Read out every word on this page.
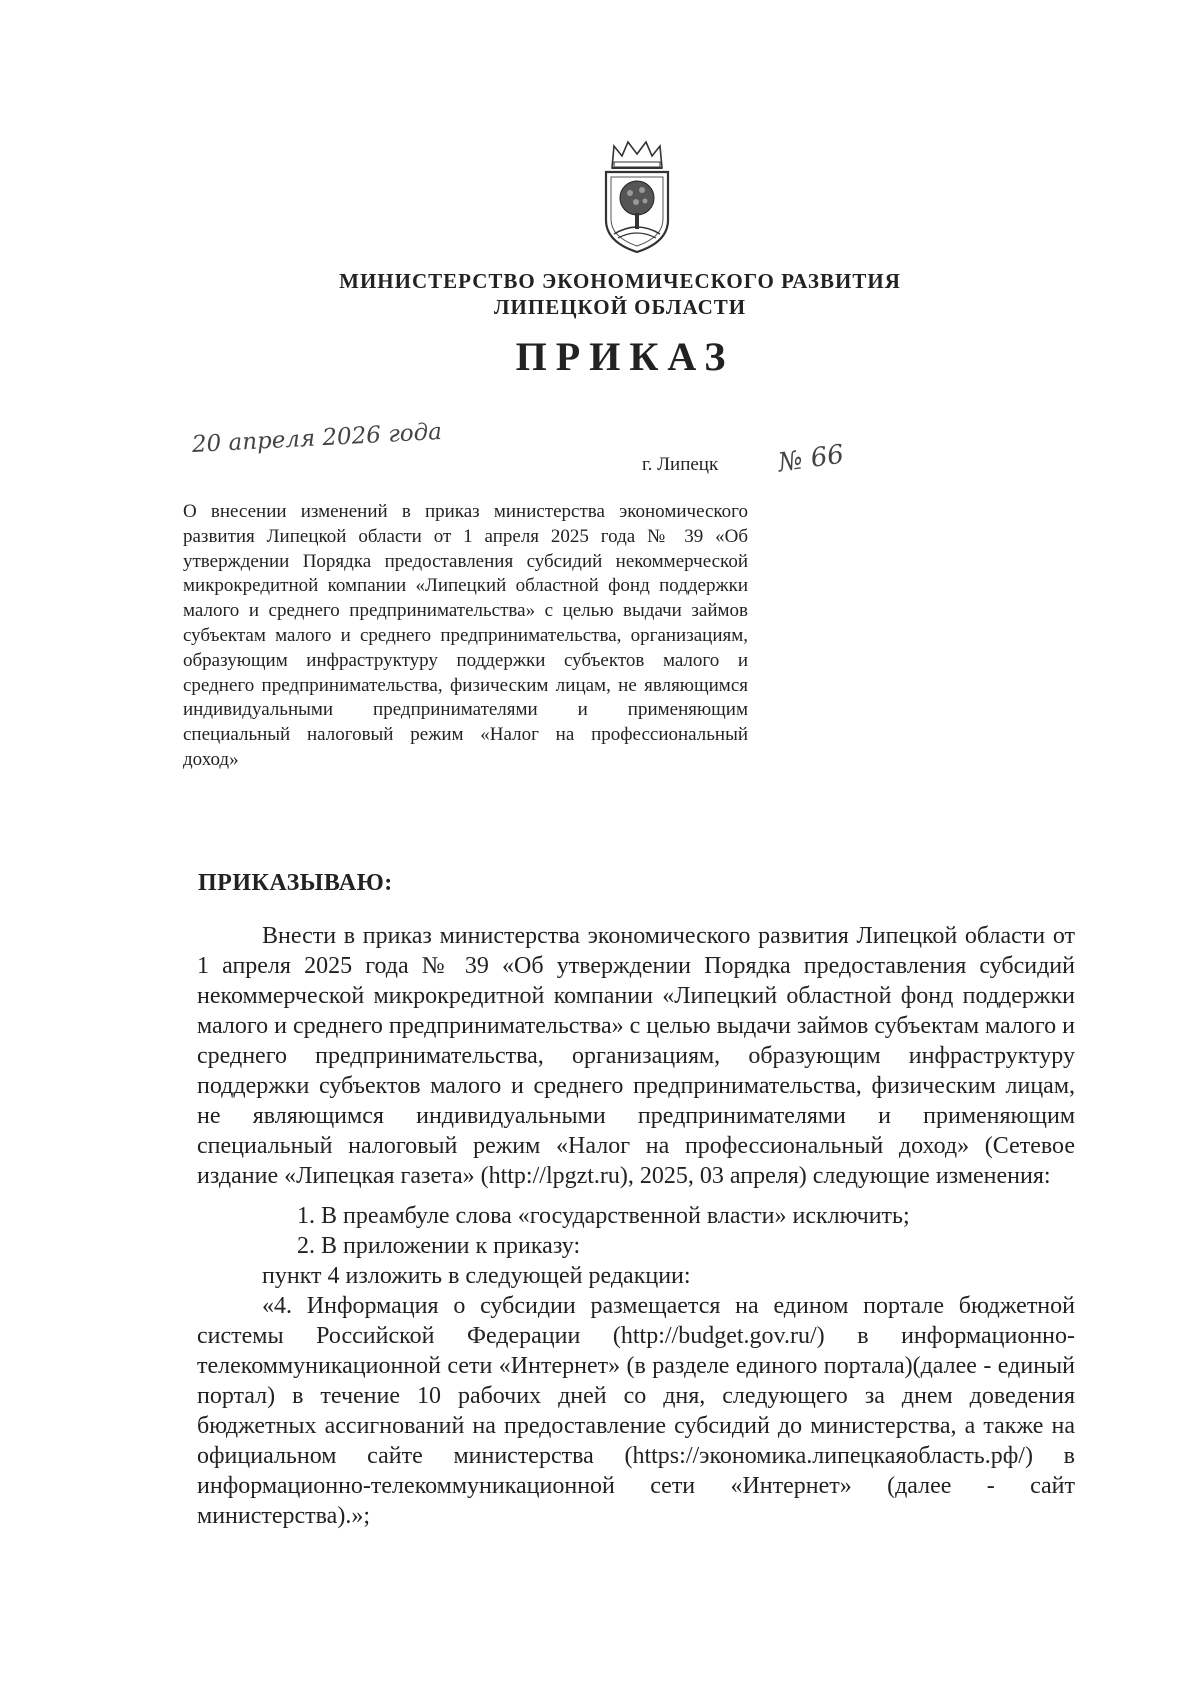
МИНИСТЕРСТВО ЭКОНОМИЧЕСКОГО РАЗВИТИЯ
ЛИПЕЦКОЙ ОБЛАСТИ
ПРИКАЗ
20 апреля 2026 года
г. Липецк № 66
О внесении изменений в приказ министерства экономического развития Липецкой области от 1 апреля 2025 года № 39 «Об утверждении Порядка предоставления субсидий некоммерческой микрокредитной компании «Липецкий областной фонд поддержки малого и среднего предпринимательства» с целью выдачи займов субъектам малого и среднего предпринимательства, организациям, образующим инфраструктуру поддержки субъектов малого и среднего предпринимательства, физическим лицам, не являющимся индивидуальными предпринимателями и применяющим специальный налоговый режим «Налог на профессиональный доход»
ПРИКАЗЫВАЮ:

Внести в приказ министерства экономического развития Липецкой области от 1 апреля 2025 года № 39 «Об утверждении Порядка предоставления субсидий некоммерческой микрокредитной компании «Липецкий областной фонд поддержки малого и среднего предпринимательства» с целью выдачи займов субъектам малого и среднего предпринимательства, организациям, образующим инфраструктуру поддержки субъектов малого и среднего предпринимательства, физическим лицам, не являющимся индивидуальными предпринимателями и применяющим специальный налоговый режим «Налог на профессиональный доход» (Сетевое издание «Липецкая газета» (http://lpgzt.ru), 2025, 03 апреля) следующие изменения:

1. В преамбуле слова «государственной власти» исключить;
2. В приложении к приказу:

пункт 4 изложить в следующей редакции:

«4. Информация о субсидии размещается на едином портале бюджетной системы Российской Федерации (http://budget.gov.ru/) в информационно-телекоммуникационной сети «Интернет» (в разделе единого портала)(далее - единый портал) в течение 10 рабочих дней со дня, следующего за днем доведения бюджетных ассигнований на предоставление субсидий до министерства, а также на официальном сайте министерства (https://экономика.липецкаяобласть.рф/) в информационно-телекоммуникационной сети «Интернет» (далее - сайт министерства).»;
